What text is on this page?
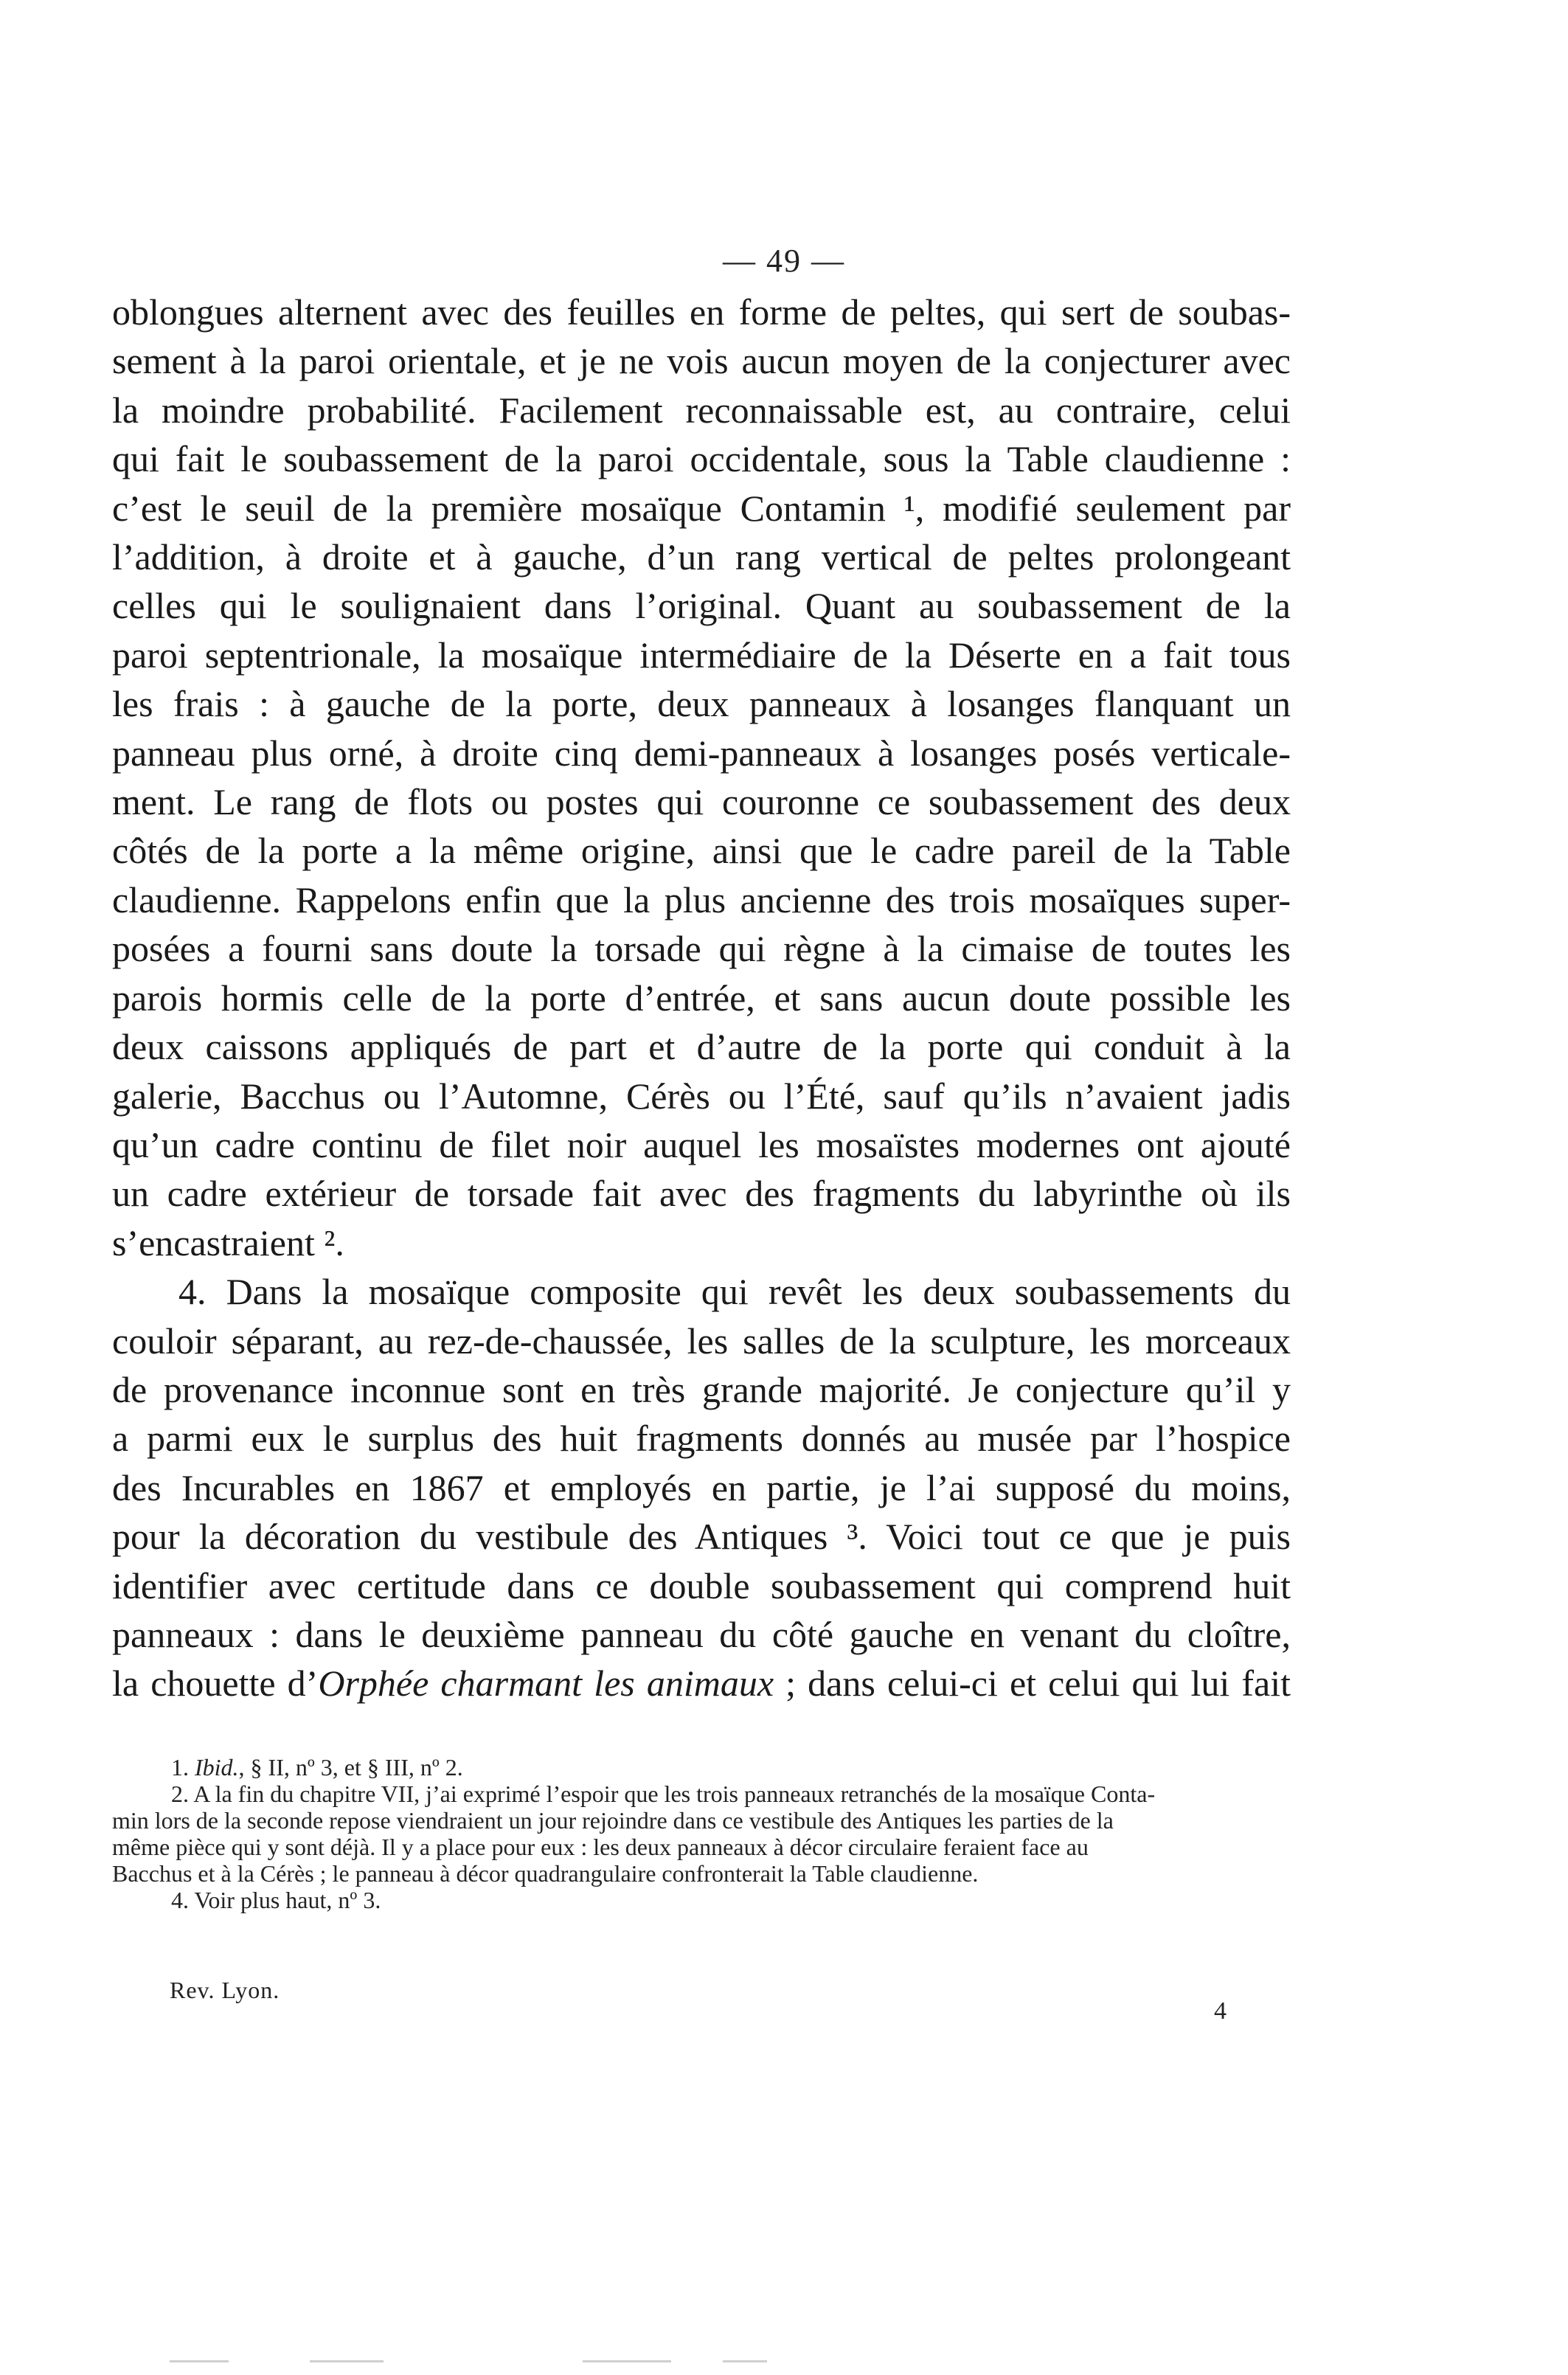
— 49 —
oblongues alternent avec des feuilles en forme de peltes, qui sert de soubas-
sement à la paroi orientale, et je ne vois aucun moyen de la conjecturer avec
la moindre probabilité. Facilement reconnaissable est, au contraire, celui
qui fait le soubassement de la paroi occidentale, sous la Table claudienne :
c’est le seuil de la première mosaïque Contamin ¹, modifié seulement par
l’addition, à droite et à gauche, d’un rang vertical de peltes prolongeant
celles qui le soulignaient dans l’original. Quant au soubassement de la
paroi septentrionale, la mosaïque intermédiaire de la Déserte en a fait tous
les frais : à gauche de la porte, deux panneaux à losanges flanquant un
panneau plus orné, à droite cinq demi-panneaux à losanges posés verticale-
ment. Le rang de flots ou postes qui couronne ce soubassement des deux
côtés de la porte a la même origine, ainsi que le cadre pareil de la Table
claudienne. Rappelons enfin que la plus ancienne des trois mosaïques super-
posées a fourni sans doute la torsade qui règne à la cimaise de toutes les
parois hormis celle de la porte d’entrée, et sans aucun doute possible les
deux caissons appliqués de part et d’autre de la porte qui conduit à la
galerie, Bacchus ou l’Automne, Cérès ou l’Été, sauf qu’ils n’avaient jadis
qu’un cadre continu de filet noir auquel les mosaïstes modernes ont ajouté
un cadre extérieur de torsade fait avec des fragments du labyrinthe où ils
s’encastraient ².
4. Dans la mosaïque composite qui revêt les deux soubassements du
couloir séparant, au rez-de-chaussée, les salles de la sculpture, les morceaux
de provenance inconnue sont en très grande majorité. Je conjecture qu’il y
a parmi eux le surplus des huit fragments donnés au musée par l’hospice
des Incurables en 1867 et employés en partie, je l’ai supposé du moins,
pour la décoration du vestibule des Antiques ³. Voici tout ce que je puis
identifier avec certitude dans ce double soubassement qui comprend huit
panneaux : dans le deuxième panneau du côté gauche en venant du cloître,
la chouette d’Orphée charmant les animaux ; dans celui-ci et celui qui lui fait
1. Ibid., § II, nº 3, et § III, nº 2.
2. A la fin du chapitre VII, j’ai exprimé l’espoir que les trois panneaux retranchés de la mosaïque Conta-
min lors de la seconde repose viendraient un jour rejoindre dans ce vestibule des Antiques les parties de la
même pièce qui y sont déjà. Il y a place pour eux : les deux panneaux à décor circulaire feraient face au
Bacchus et à la Cérès ; le panneau à décor quadrangulaire confronterait la Table claudienne.
4. Voir plus haut, nº 3.
Rev. Lyon.
4
